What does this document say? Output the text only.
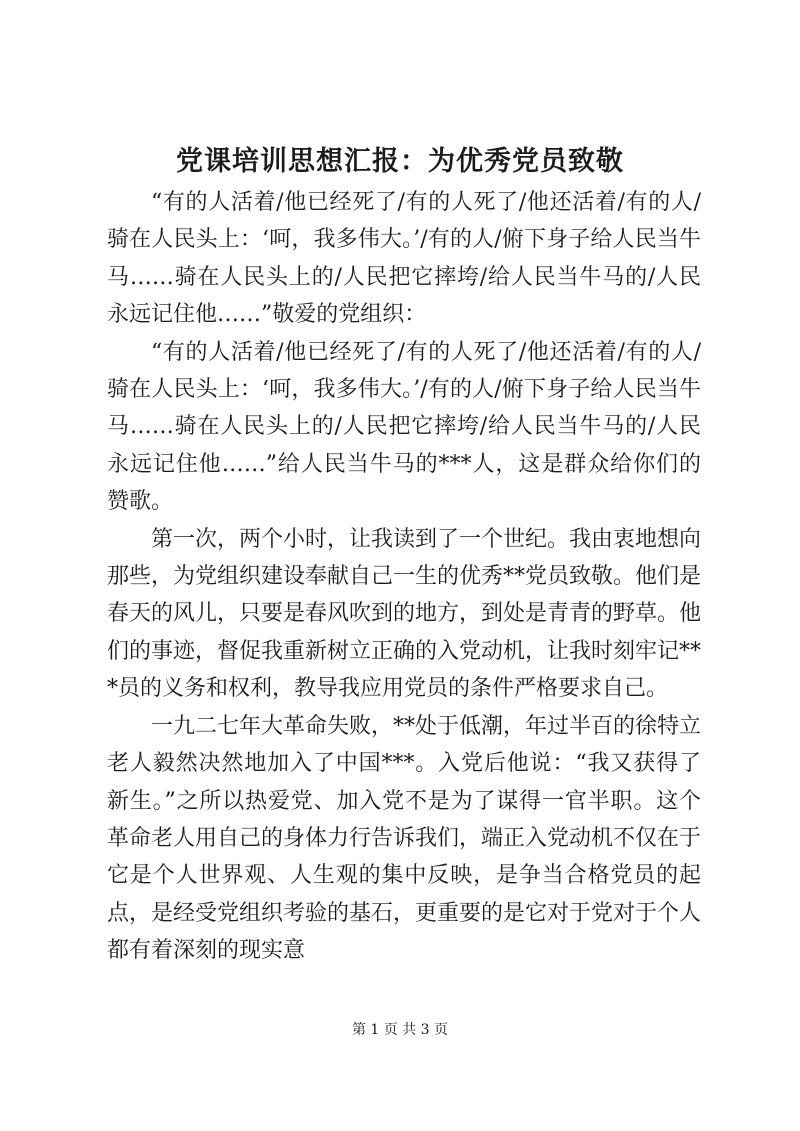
党课培训思想汇报：为优秀党员致敬

“有的人活着/他已经死了/有的人死了/他还活着/有的人/骑在人民头上：‘呵，我多伟大。’/有的人/俯下身子给人民当牛马……骑在人民头上的/人民把它摔垮/给人民当牛马的/人民永远记住他……”敬爱的党组织：

“有的人活着/他已经死了/有的人死了/他还活着/有的人/骑在人民头上：‘呵，我多伟大。’/有的人/俯下身子给人民当牛马……骑在人民头上的/人民把它摔垮/给人民当牛马的/人民永远记住他……”给人民当牛马的***人，这是群众给你们的赞歌。

第一次，两个小时，让我读到了一个世纪。我由衷地想向那些，为党组织建设奉献自己一生的优秀**党员致敬。他们是春天的风儿，只要是春风吹到的地方，到处是青青的野草。他们的事迹，督促我重新树立正确的入党动机，让我时刻牢记***员的义务和权利，教导我应用党员的条件严格要求自己。

一九二七年大革命失败，**处于低潮，年过半百的徐特立老人毅然决然地加入了中国***。入党后他说：“我又获得了新生。”之所以热爱党、加入党不是为了谋得一官半职。这个革命老人用自己的身体力行告诉我们，端正入党动机不仅在于它是个人世界观、人生观的集中反映，是争当合格党员的起点，是经受党组织考验的基石，更重要的是它对于党对于个人都有着深刻的现实意

第 1 页 共 3 页
